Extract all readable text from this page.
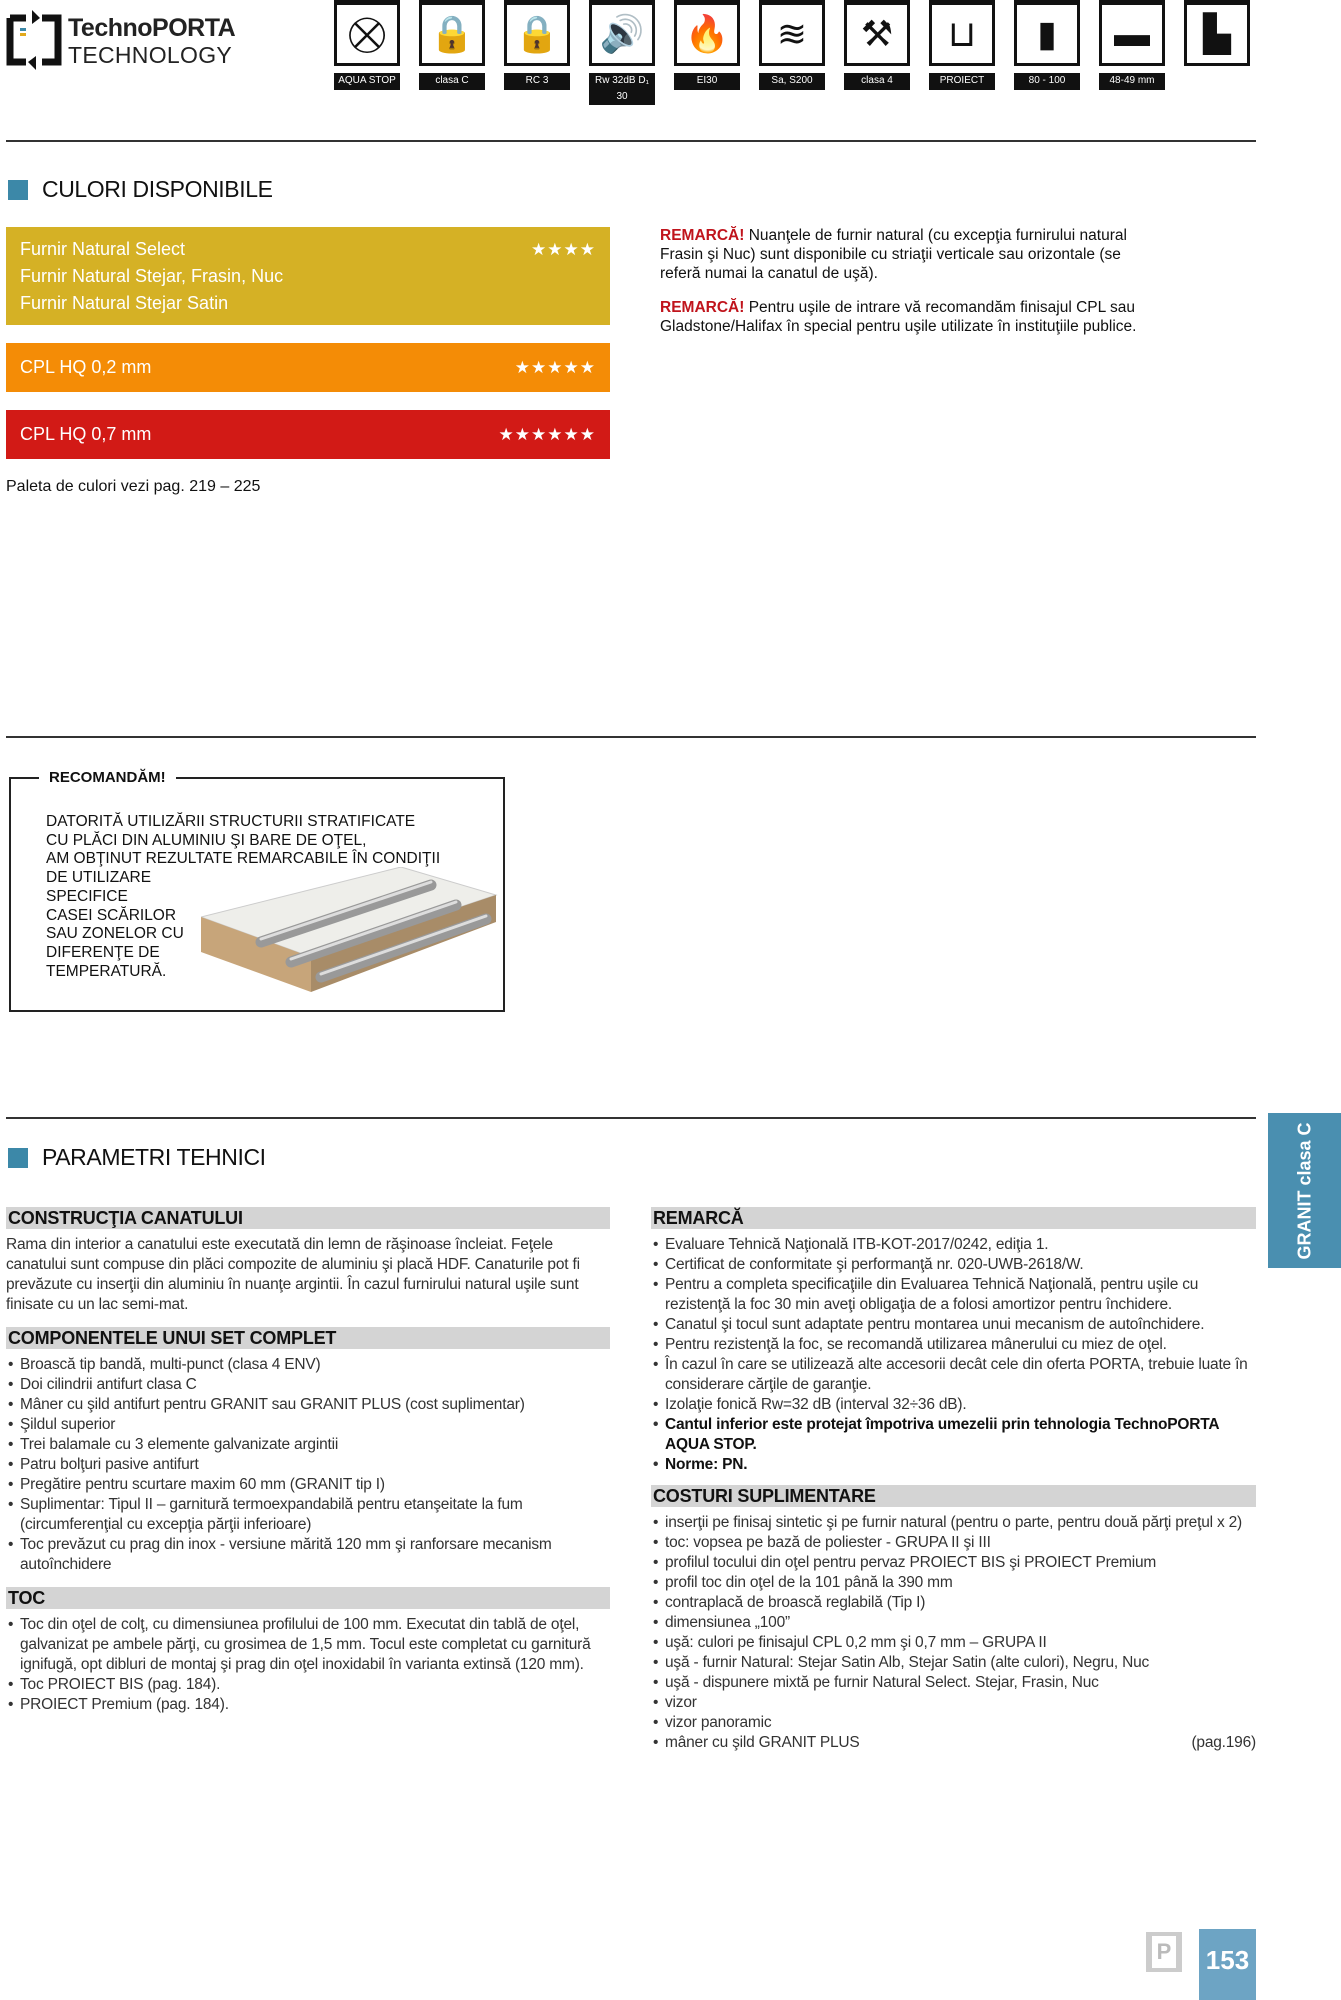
TechnoPORTA
TECHNOLOGY
⛒
AQUA STOP
🔒
clasa C
🔒
RC 3
🔊
Rw 32dB D₁ 30
🔥
EI30
≋
Sa, S200
⚒
clasa 4
⊔
PROIECT
▮
80 - 100
▬
48-49 mm
▙
CULORI DISPONIBILE
Furnir Natural Select	★★★★
Furnir Natural Stejar, Frasin, Nuc
Furnir Natural Stejar Satin
CPL HQ 0,2 mm	★★★★★
CPL HQ 0,7 mm	★★★★★★

REMARCĂ! Nuanţele de furnir natural (cu excepţia furnirului natural Frasin şi Nuc) sunt disponibile cu striaţii verticale sau orizontale (se referă numai la canatul de uşă).

REMARCĂ! Pentru uşile de intrare vă recomandăm finisajul CPL sau Gladstone/Halifax în special pentru uşile utilizate în instituţiile publice.

Paleta de culori vezi pag. 219 – 225
RECOMANDĂM!
DATORITĂ UTILIZĂRII STRUCTURII STRATIFICATE
CU PLĂCI DIN ALUMINIU ŞI BARE DE OŢEL,
AM OBŢINUT REZULTATE REMARCABILE ÎN CONDIŢII
DE UTILIZARE
SPECIFICE
CASEI SCĂRILOR
SAU ZONELOR CU
DIFERENŢE DE
TEMPERATURĂ.
GRANIT clasa C
PARAMETRI TEHNICI
CONSTRUCŢIA CANATULUI
Rama din interior a canatului este executată din lemn de răşinoase încleiat. Feţele canatului sunt compuse din plăci compozite de aluminiu şi placă HDF. Canaturile pot fi prevăzute cu inserţii din aluminiu în nuanţe argintii. În cazul furnirului natural uşile sunt finisate cu un lac semi-mat.
COMPONENTELE UNUI SET COMPLET
• Broască tip bandă, multi-punct (clasa 4 ENV)
• Doi cilindrii antifurt clasa C
• Mâner cu şild antifurt pentru GRANIT sau GRANIT PLUS (cost suplimentar)
• Şildul superior
• Trei balamale cu 3 elemente galvanizate argintii
• Patru bolţuri pasive antifurt
• Pregătire pentru scurtare maxim 60 mm (GRANIT tip I)
• Suplimentar: Tipul II – garnitură termoexpandabilă pentru etanşeitate la fum (circumferenţial cu excepţia părţii inferioare)
• Toc prevăzut cu prag din inox - versiune mărită 120 mm şi ranforsare mecanism autoînchidere
TOC
• Toc din oţel de colţ, cu dimensiunea profilului de 100 mm. Executat din tablă de oţel, galvanizat pe ambele părţi, cu grosimea de 1,5 mm. Tocul este completat cu garnitură ignifugă, opt dibluri de montaj şi prag din oţel inoxidabil în varianta extinsă (120 mm).
• Toc PROIECT BIS (pag. 184).
• PROIECT Premium (pag. 184).
REMARCĂ
• Evaluare Tehnică Naţională ITB-KOT-2017/0242, ediţia 1.
• Certificat de conformitate şi performanţă nr. 020-UWB-2618/W.
• Pentru a completa specificaţiile din Evaluarea Tehnică Naţională, pentru uşile cu rezistenţă la foc 30 min aveţi obligaţia de a folosi amortizor pentru închidere.
• Canatul şi tocul sunt adaptate pentru montarea unui mecanism de autoînchidere.
• Pentru rezistenţă la foc, se recomandă utilizarea mânerului cu miez de oţel.
• În cazul în care se utilizează alte accesorii decât cele din oferta PORTA, trebuie luate în considerare cărţile de garanţie.
• Izolaţie fonică Rw=32 dB (interval 32÷36 dB).
• Cantul inferior este protejat împotriva umezelii prin tehnologia TechnoPORTA AQUA STOP.
• Norme: PN.
COSTURI SUPLIMENTARE
• inserţii pe finisaj sintetic şi pe furnir natural (pentru o parte, pentru două părţi preţul x 2)
• toc: vopsea pe bază de poliester - GRUPA II şi III
• profilul tocului din oţel pentru pervaz PROIECT BIS şi PROIECT Premium
• profil toc din oţel de la 101 până la 390 mm
• contraplacă de broască reglabilă (Tip I)
• dimensiunea „100”
• uşă: culori pe finisajul CPL 0,2 mm şi 0,7 mm – GRUPA II
• uşă - furnir Natural: Stejar Satin Alb, Stejar Satin (alte culori), Negru, Nuc
• uşă - dispunere mixtă pe furnir Natural Select. Stejar, Frasin, Nuc
• vizor
• vizor panoramic
• mâner cu şild GRANIT PLUS	(pag.196)
P	153
